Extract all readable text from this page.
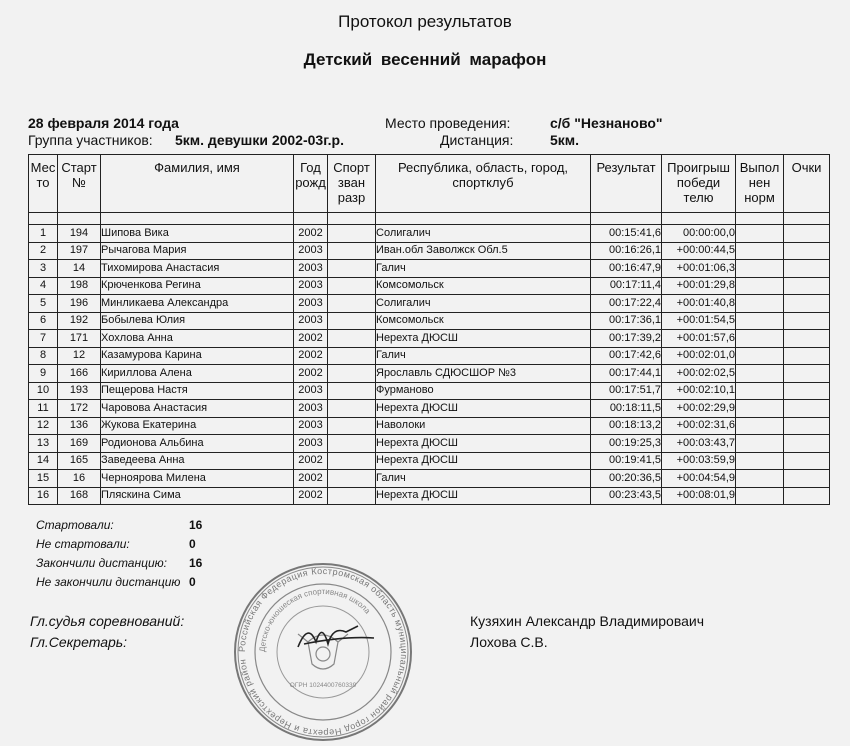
Протокол результатов
Детский весенний марафон
28 февраля 2014 года	Место проведения:	с/б "Незнаново"
Группа участников: 5км. девушки 2002-03г.р.	Дистанция:	5км.
Мес то	Старт №	Фамилия, имя	Год рожд	Спорт зван разр	Республика, область, город, спортклуб	Результат	Проигрыш победи телю	Выпол нен норм	Очки

1	194	Шипова Вика	2002		Солигалич	00:15:41,6	00:00:00,0		
2	197	Рычагова Мария	2003		Иван.обл Заволжск Обл.5	00:16:26,1	+00:00:44,5		
3	14	Тихомирова Анастасия	2003		Галич	00:16:47,9	+00:01:06,3		
4	198	Крюченкова Регина	2003		Комсомольск	00:17:11,4	+00:01:29,8		
5	196	Минликаева Александра	2003		Солигалич	00:17:22,4	+00:01:40,8		
6	192	Бобылева Юлия	2003		Комсомольск	00:17:36,1	+00:01:54,5		
7	171	Хохлова Анна	2002		Нерехта ДЮСШ	00:17:39,2	+00:01:57,6		
8	12	Казамурова Карина	2002		Галич	00:17:42,6	+00:02:01,0		
9	166	Кириллова Алена	2002		Ярославль СДЮСШОР №3	00:17:44,1	+00:02:02,5		
10	193	Пещерова Настя	2003		Фурманово	00:17:51,7	+00:02:10,1		
11	172	Чаровова Анастасия	2003		Нерехта ДЮСШ	00:18:11,5	+00:02:29,9		
12	136	Жукова Екатерина	2003		Наволоки	00:18:13,2	+00:02:31,6		
13	169	Родионова Альбина	2003		Нерехта ДЮСШ	00:19:25,3	+00:03:43,7		
14	165	Заведеева Анна	2002		Нерехта ДЮСШ	00:19:41,5	+00:03:59,9		
15	16	Черноярова Милена	2002		Галич	00:20:36,5	+00:04:54,9		
16	168	Пляскина Сима	2002		Нерехта ДЮСШ	00:23:43,5	+00:08:01,9		
Стартовали:	16
Не стартовали:	0
Закончили дистанцию: 16
Не закончили дистанцию 0
Гл.судья соревнований:	Кузяхин Александр Владимироваич
Гл.Секретарь:	Лохова С.В.
Российская Федерация Костромская область муниципальный район город Нерехта и Нерехтский район
Детско-юношеская спортивная школа
ОГРН 1024400760339
